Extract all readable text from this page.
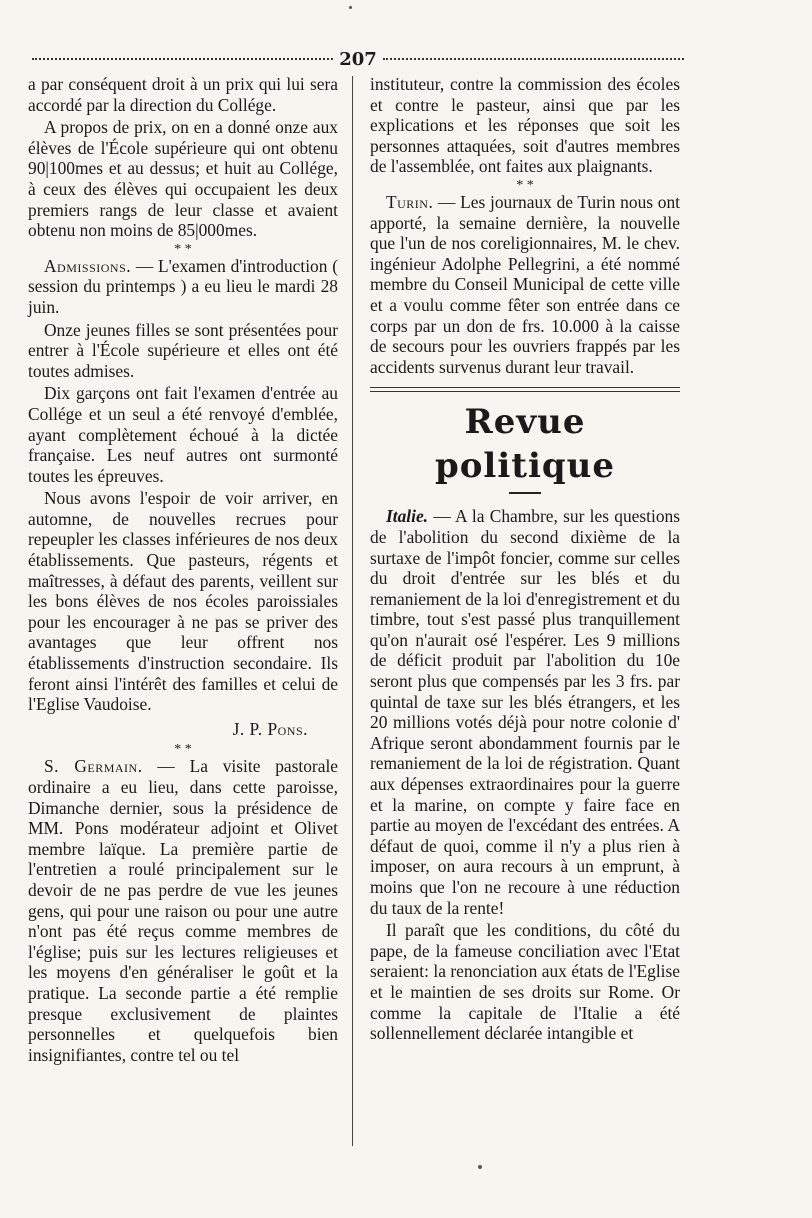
207

a par conséquent droit à un prix qui lui sera accordé par la direction du Collége.

A propos de prix, on en a donné onze aux élèves de l'École supérieure qui ont obtenu 90|100mes et au dessus; et huit au Collége, à ceux des élèves qui occupaient les deux premiers rangs de leur classe et avaient obtenu non moins de 85|000mes.

* *

Admissions. — L'examen d'introduction ( session du printemps ) a eu lieu le mardi 28 juin.

Onze jeunes filles se sont présentées pour entrer à l'École supérieure et elles ont été toutes admises.

Dix garçons ont fait l'examen d'entrée au Collége et un seul a été renvoyé d'emblée, ayant complètement échoué à la dictée française. Les neuf autres ont surmonté toutes les épreuves.

Nous avons l'espoir de voir arriver, en automne, de nouvelles recrues pour repeupler les classes inférieures de nos deux établissements. Que pasteurs, régents et maîtresses, à défaut des parents, veillent sur les bons élèves de nos écoles paroissiales pour les encourager à ne pas se priver des avantages que leur offrent nos établissements d'instruction secondaire. Ils feront ainsi l'intérêt des familles et celui de l'Eglise Vaudoise.

J. P. Pons.
* *

S. Germain. — La visite pastorale ordinaire a eu lieu, dans cette paroisse, Dimanche dernier, sous la présidence de MM. Pons modérateur adjoint et Olivet membre laïque. La première partie de l'entretien a roulé principalement sur le devoir de ne pas perdre de vue les jeunes gens, qui pour une raison ou pour une autre n'ont pas été reçus comme membres de l'église; puis sur les lectures religieuses et les moyens d'en généraliser le goût et la pratique. La seconde partie a été remplie presque exclusivement de plaintes personnelles et quelquefois bien insignifiantes, contre tel ou tel

instituteur, contre la commission des écoles et contre le pasteur, ainsi que par les explications et les réponses que soit les personnes attaquées, soit d'autres membres de l'assemblée, ont faites aux plaignants.

* *

Turin. — Les journaux de Turin nous ont apporté, la semaine dernière, la nouvelle que l'un de nos coreligionnaires, M. le chev. ingénieur Adolphe Pellegrini, a été nommé membre du Conseil Municipal de cette ville et a voulu comme fêter son entrée dans ce corps par un don de frs. 10.000 à la caisse de secours pour les ouvriers frappés par les accidents survenus durant leur travail.

Revue politique

Italie. — A la Chambre, sur les questions de l'abolition du second dixième de la surtaxe de l'impôt foncier, comme sur celles du droit d'entrée sur les blés et du remaniement de la loi d'enregistrement et du timbre, tout s'est passé plus tranquillement qu'on n'aurait osé l'espérer. Les 9 millions de déficit produit par l'abolition du 10e seront plus que compensés par les 3 frs. par quintal de taxe sur les blés étrangers, et les 20 millions votés déjà pour notre colonie d' Afrique seront abondamment fournis par le remaniement de la loi de régistration. Quant aux dépenses extraordinaires pour la guerre et la marine, on compte y faire face en partie au moyen de l'excédant des entrées. A défaut de quoi, comme il n'y a plus rien à imposer, on aura recours à un emprunt, à moins que l'on ne recoure à une réduction du taux de la rente!

Il paraît que les conditions, du côté du pape, de la fameuse conciliation avec l'Etat seraient: la renonciation aux états de l'Eglise et le maintien de ses droits sur Rome. Or comme la capitale de l'Italie a été sollennellement déclarée intangible et
